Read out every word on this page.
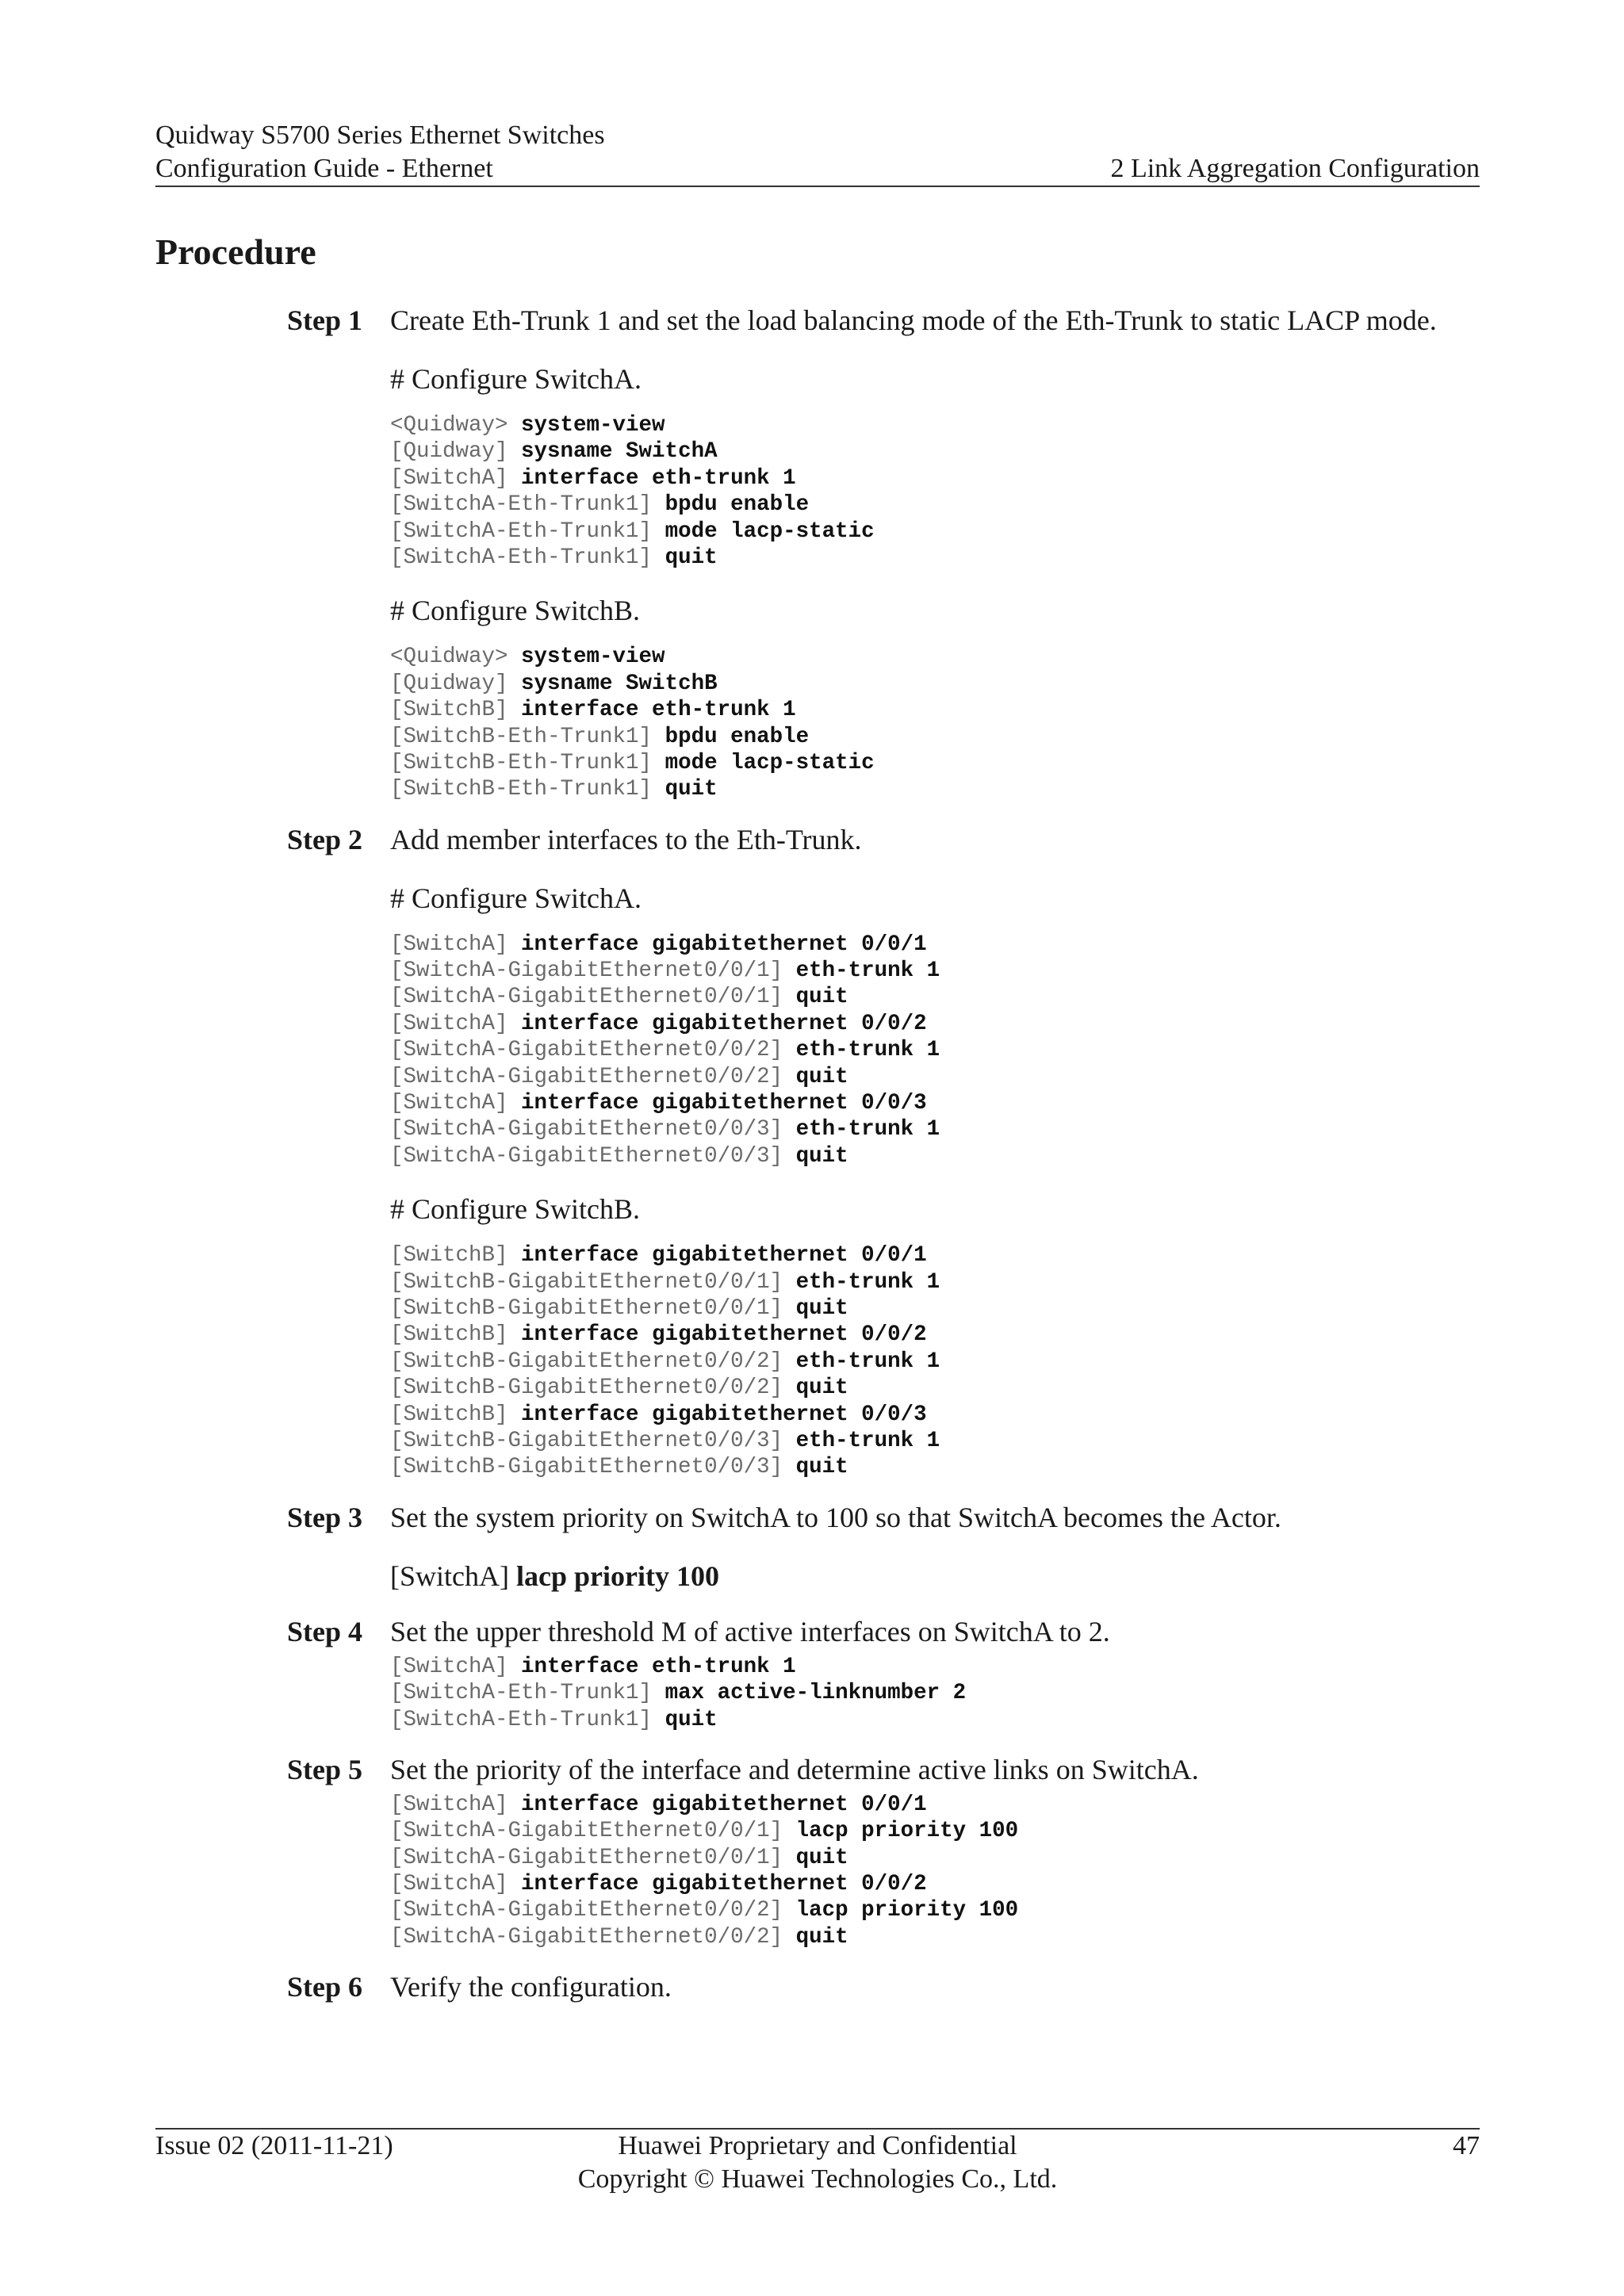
Quidway S5700 Series Ethernet Switches
Configuration Guide - Ethernet	2 Link Aggregation Configuration
Procedure
Step 1 Create Eth-Trunk 1 and set the load balancing mode of the Eth-Trunk to static LACP mode.

# Configure SwitchA.

<Quidway> system-view
[Quidway] sysname SwitchA
[SwitchA] interface eth-trunk 1
[SwitchA-Eth-Trunk1] bpdu enable
[SwitchA-Eth-Trunk1] mode lacp-static
[SwitchA-Eth-Trunk1] quit

# Configure SwitchB.

<Quidway> system-view
[Quidway] sysname SwitchB
[SwitchB] interface eth-trunk 1
[SwitchB-Eth-Trunk1] bpdu enable
[SwitchB-Eth-Trunk1] mode lacp-static
[SwitchB-Eth-Trunk1] quit
Step 2 Add member interfaces to the Eth-Trunk.

# Configure SwitchA.

[SwitchA] interface gigabitethernet 0/0/1
[SwitchA-GigabitEthernet0/0/1] eth-trunk 1
[SwitchA-GigabitEthernet0/0/1] quit
[SwitchA] interface gigabitethernet 0/0/2
[SwitchA-GigabitEthernet0/0/2] eth-trunk 1
[SwitchA-GigabitEthernet0/0/2] quit
[SwitchA] interface gigabitethernet 0/0/3
[SwitchA-GigabitEthernet0/0/3] eth-trunk 1
[SwitchA-GigabitEthernet0/0/3] quit

# Configure SwitchB.

[SwitchB] interface gigabitethernet 0/0/1
[SwitchB-GigabitEthernet0/0/1] eth-trunk 1
[SwitchB-GigabitEthernet0/0/1] quit
[SwitchB] interface gigabitethernet 0/0/2
[SwitchB-GigabitEthernet0/0/2] eth-trunk 1
[SwitchB-GigabitEthernet0/0/2] quit
[SwitchB] interface gigabitethernet 0/0/3
[SwitchB-GigabitEthernet0/0/3] eth-trunk 1
[SwitchB-GigabitEthernet0/0/3] quit
Step 3 Set the system priority on SwitchA to 100 so that SwitchA becomes the Actor.

[SwitchA] lacp priority 100

Step 4 Set the upper threshold M of active interfaces on SwitchA to 2.

[SwitchA] interface eth-trunk 1
[SwitchA-Eth-Trunk1] max active-linknumber 2
[SwitchA-Eth-Trunk1] quit
Step 5 Set the priority of the interface and determine active links on SwitchA.

[SwitchA] interface gigabitethernet 0/0/1
[SwitchA-GigabitEthernet0/0/1] lacp priority 100
[SwitchA-GigabitEthernet0/0/1] quit
[SwitchA] interface gigabitethernet 0/0/2
[SwitchA-GigabitEthernet0/0/2] lacp priority 100
[SwitchA-GigabitEthernet0/0/2] quit
Step 6 Verify the configuration.

Issue 02 (2011-11-21)	Huawei Proprietary and Confidential
Copyright © Huawei Technologies Co., Ltd.
47
